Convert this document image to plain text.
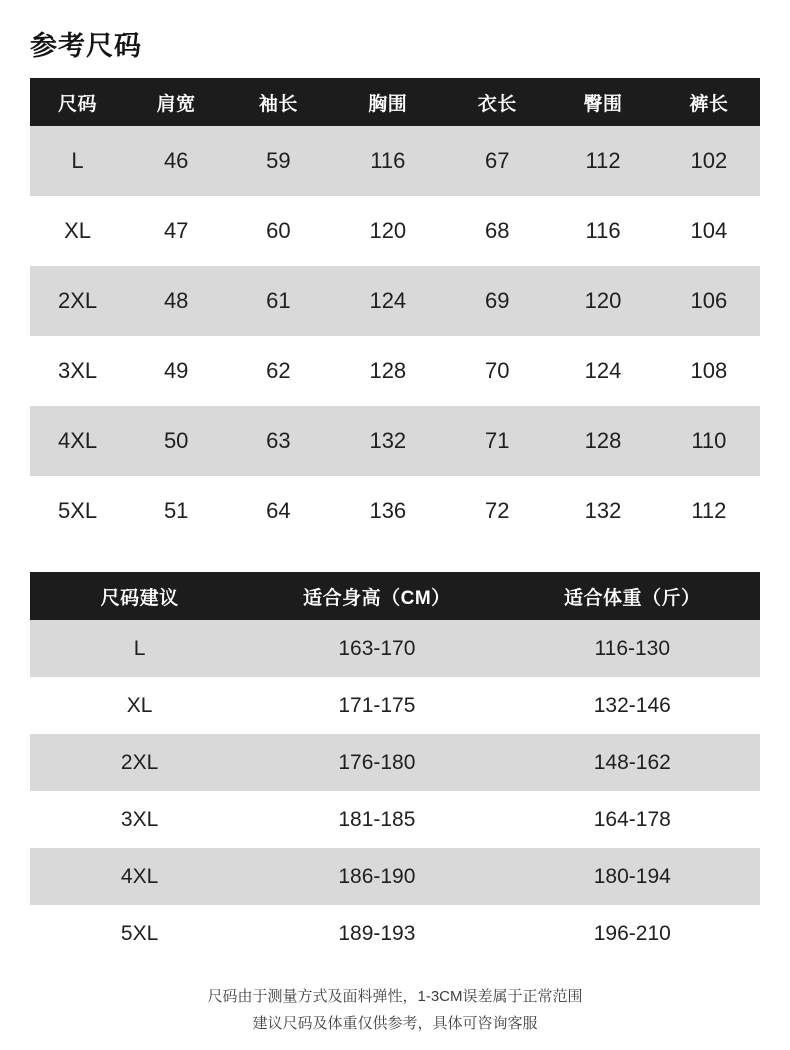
参考尺码
尺码	肩宽	袖长	胸围	衣长	臀围	裤长
L	46	59	116	67	112	102
XL	47	60	120	68	116	104
2XL	48	61	124	69	120	106
3XL	49	62	128	70	124	108
4XL	50	63	132	71	128	110
5XL	51	64	136	72	132	112
尺码建议	适合身高（CM）	适合体重（斤）
L	163-170	116-130
XL	171-175	132-146
2XL	176-180	148-162
3XL	181-185	164-178
4XL	186-190	180-194
5XL	189-193	196-210
尺码由于测量方式及面料弹性，1-3CM误差属于正常范围
建议尺码及体重仅供参考，具体可咨询客服
